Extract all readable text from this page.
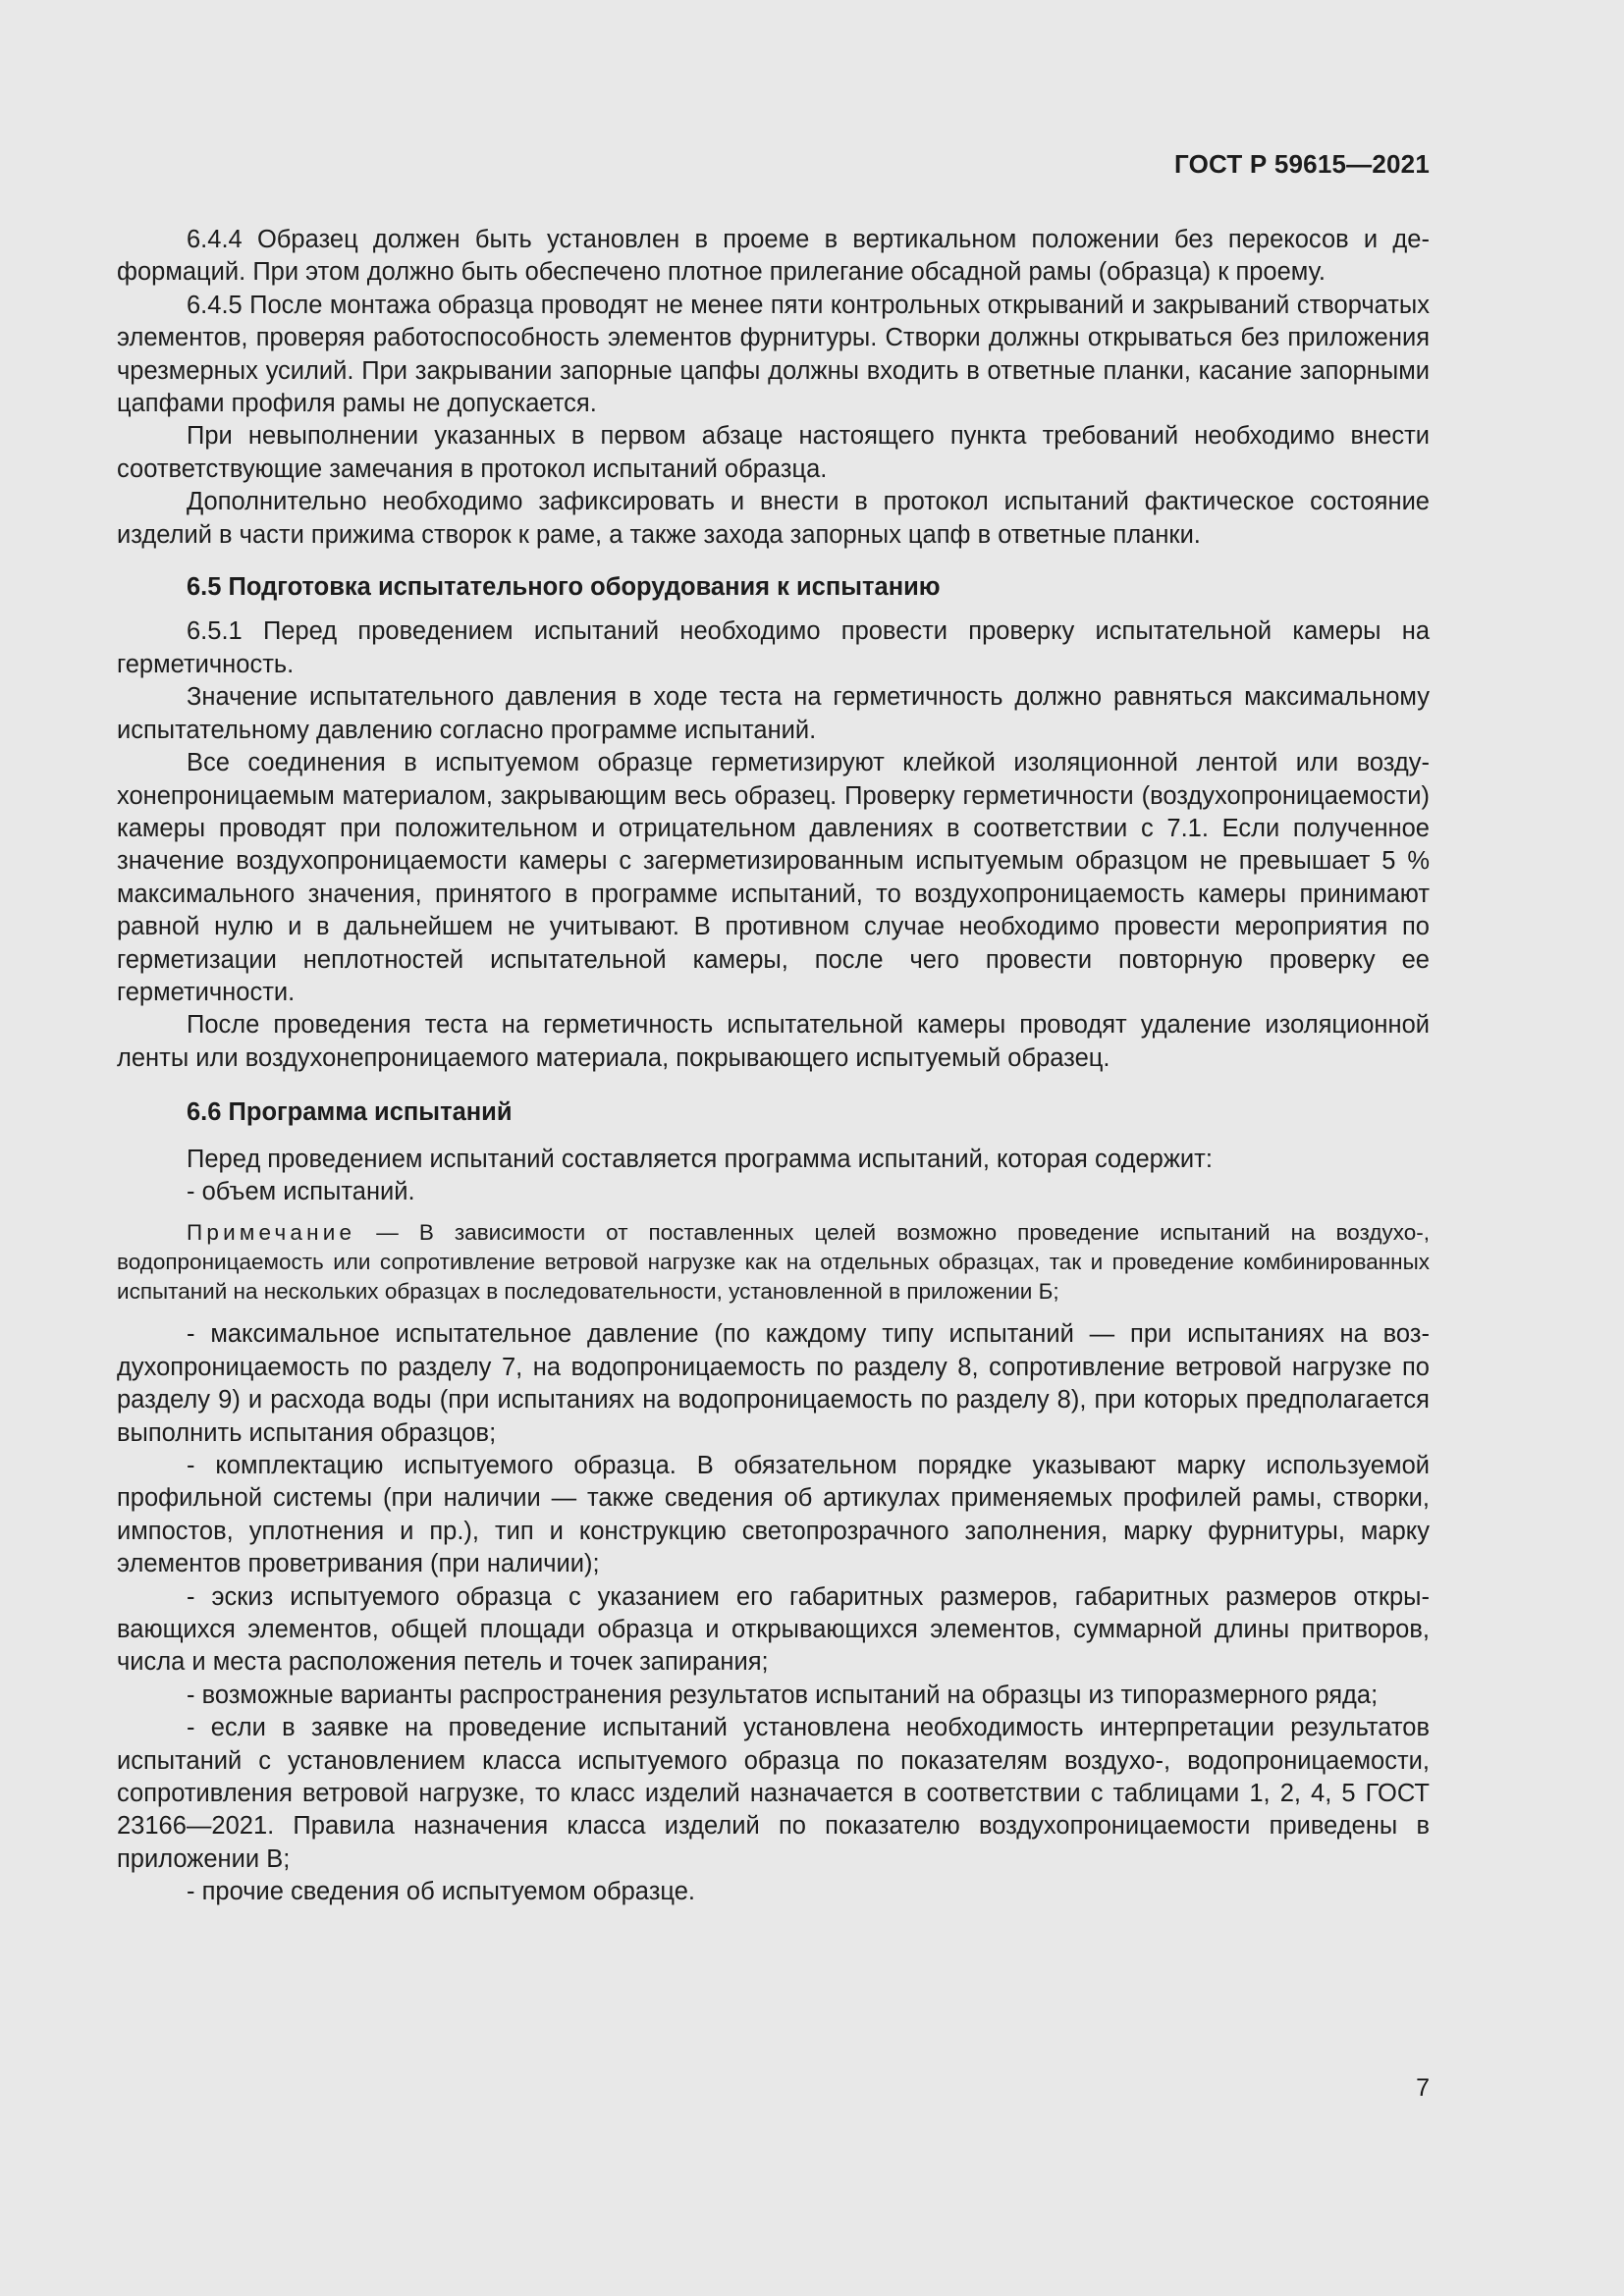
ГОСТ Р 59615—2021

6.4.4 Образец должен быть установлен в проеме в вертикальном положении без перекосов и деформаций. При этом должно быть обеспечено плотное прилегание обсадной рамы (образца) к проему.

6.4.5 После монтажа образца проводят не менее пяти контрольных открываний и закрываний створчатых элементов, проверяя работоспособность элементов фурнитуры. Створки должны открываться без приложения чрезмерных усилий. При закрывании запорные цапфы должны входить в ответные планки, касание запорными цапфами профиля рамы не допускается.

При невыполнении указанных в первом абзаце настоящего пункта требований необходимо внести соответствующие замечания в протокол испытаний образца.

Дополнительно необходимо зафиксировать и внести в протокол испытаний фактическое состояние изделий в части прижима створок к раме, а также захода запорных цапф в ответные планки.

6.5 Подготовка испытательного оборудования к испытанию

6.5.1 Перед проведением испытаний необходимо провести проверку испытательной камеры на герметичность.

Значение испытательного давления в ходе теста на герметичность должно равняться максимальному испытательному давлению согласно программе испытаний.

Все соединения в испытуемом образце герметизируют клейкой изоляционной лентой или воздухонепроницаемым материалом, закрывающим весь образец. Проверку герметичности (воздухопроницаемости) камеры проводят при положительном и отрицательном давлениях в соответствии с 7.1. Если полученное значение воздухопроницаемости камеры с загерметизированным испытуемым образцом не превышает 5 % максимального значения, принятого в программе испытаний, то воздухопроницаемость камеры принимают равной нулю и в дальнейшем не учитывают. В противном случае необходимо провести мероприятия по герметизации неплотностей испытательной камеры, после чего провести повторную проверку ее герметичности.

После проведения теста на герметичность испытательной камеры проводят удаление изоляционной ленты или воздухонепроницаемого материала, покрывающего испытуемый образец.

6.6 Программа испытаний

Перед проведением испытаний составляется программа испытаний, которая содержит:

- объем испытаний.

Примечание — В зависимости от поставленных целей возможно проведение испытаний на воздухо-, водопроницаемость или сопротивление ветровой нагрузке как на отдельных образцах, так и проведение комбинированных испытаний на нескольких образцах в последовательности, установленной в приложении Б;

- максимальное испытательное давление (по каждому типу испытаний — при испытаниях на воздухопроницаемость по разделу 7, на водопроницаемость по разделу 8, сопротивление ветровой нагрузке по разделу 9) и расхода воды (при испытаниях на водопроницаемость по разделу 8), при которых предполагается выполнить испытания образцов;

- комплектацию испытуемого образца. В обязательном порядке указывают марку используемой профильной системы (при наличии — также сведения об артикулах применяемых профилей рамы, створки, импостов, уплотнения и пр.), тип и конструкцию светопрозрачного заполнения, марку фурнитуры, марку элементов проветривания (при наличии);

- эскиз испытуемого образца с указанием его габаритных размеров, габаритных размеров открывающихся элементов, общей площади образца и открывающихся элементов, суммарной длины притворов, числа и места расположения петель и точек запирания;

- возможные варианты распространения результатов испытаний на образцы из типоразмерного ряда;

- если в заявке на проведение испытаний установлена необходимость интерпретации результатов испытаний с установлением класса испытуемого образца по показателям воздухо-, водопроницаемости, сопротивления ветровой нагрузке, то класс изделий назначается в соответствии с таблицами 1, 2, 4, 5 ГОСТ 23166—2021. Правила назначения класса изделий по показателю воздухопроницаемости приведены в приложении В;

- прочие сведения об испытуемом образце.

7
